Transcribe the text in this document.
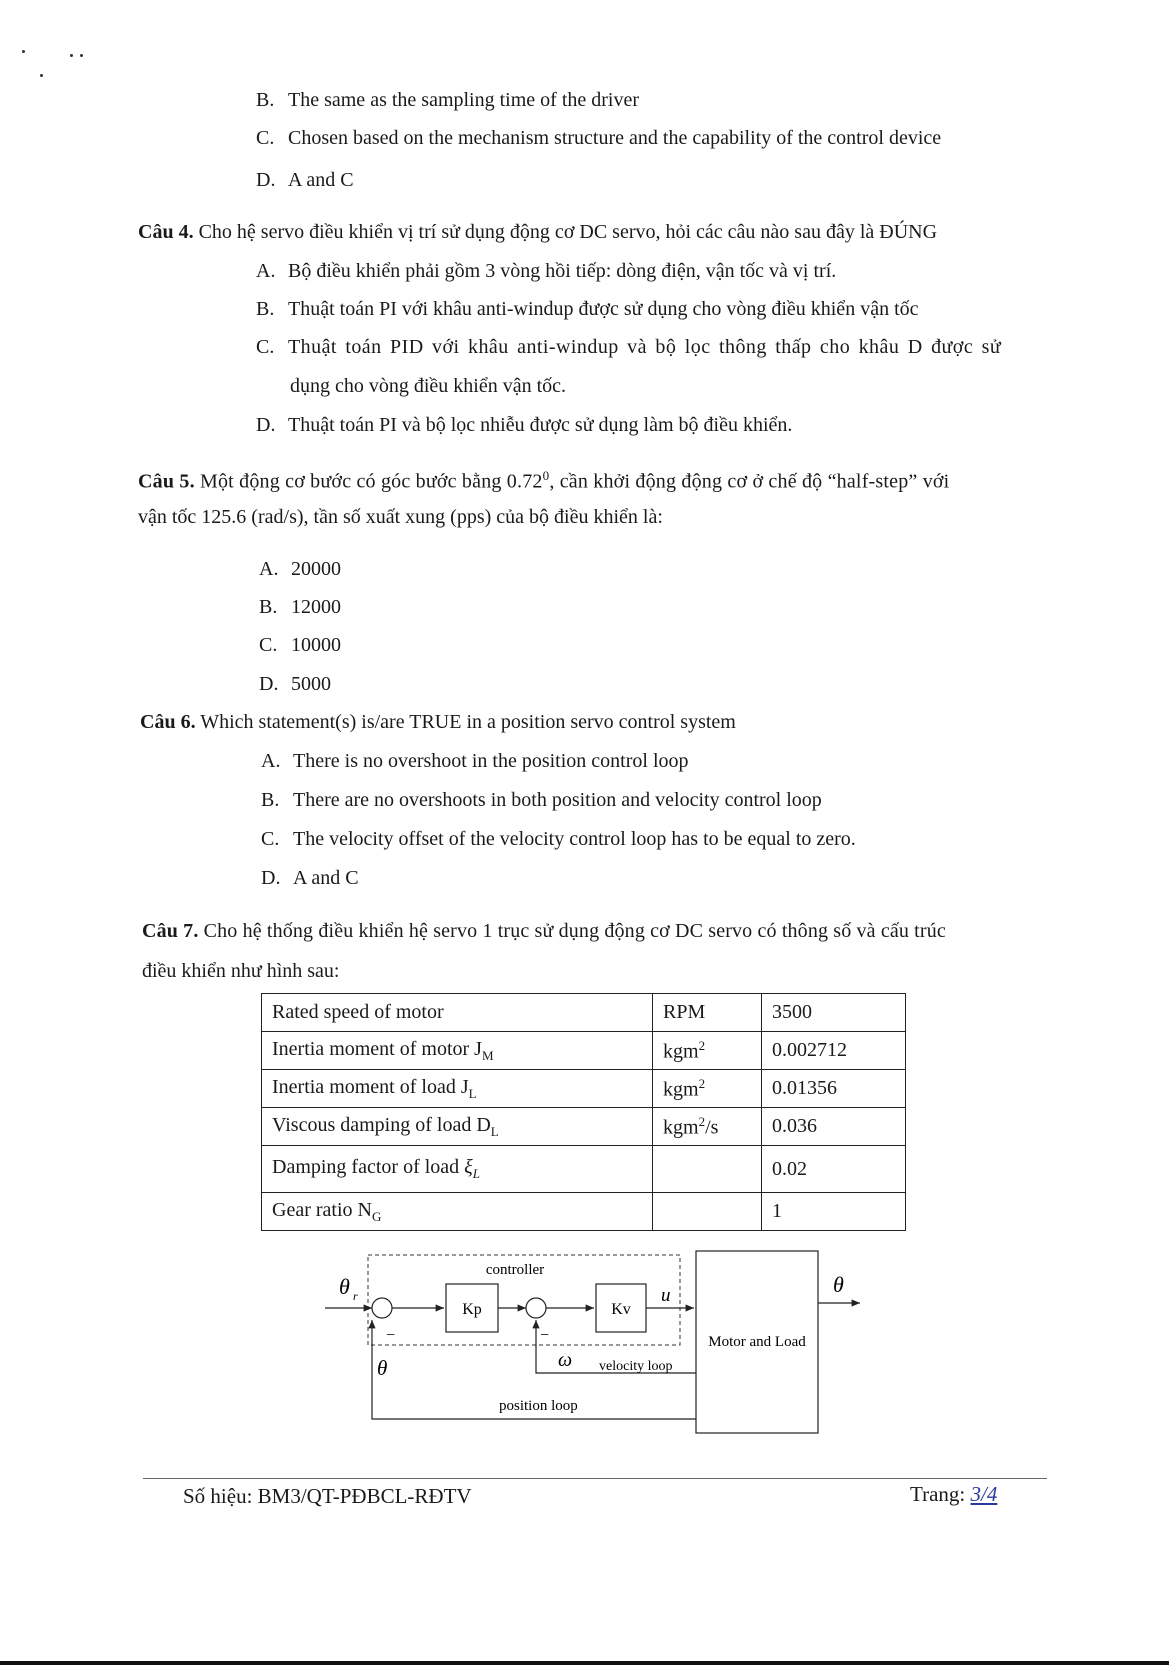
B. The same as the sampling time of the driver
C. Chosen based on the mechanism structure and the capability of the control device
D. A and C
Câu 4. Cho hệ servo điều khiển vị trí sử dụng động cơ DC servo, hỏi các câu nào sau đây là ĐÚNG
A. Bộ điều khiển phải gồm 3 vòng hồi tiếp: dòng điện, vận tốc và vị trí.
B. Thuật toán PI với khâu anti-windup được sử dụng cho vòng điều khiển vận tốc
C. Thuật toán PID với khâu anti-windup và bộ lọc thông thấp cho khâu D được sử
dụng cho vòng điều khiển vận tốc.
D. Thuật toán PI và bộ lọc nhiễu được sử dụng làm bộ điều khiển.
Câu 5. Một động cơ bước có góc bước bằng 0.72$^0$, cần khởi động động cơ ở chế độ “half-step” với
vận tốc 125.6 (rad/s), tần số xuất xung (pps) của bộ điều khiển là:
A. 20000
B. 12000
C. 10000
D. 5000
Câu 6. Which statement(s) is/are TRUE in a position servo control system
A. There is no overshoot in the position control loop
B. There are no overshoots in both position and velocity control loop
C. The velocity offset of the velocity control loop has to be equal to zero.
D. A and C
Câu 7. Cho hệ thống điều khiển hệ servo 1 trục sử dụng động cơ DC servo có thông số và cấu trúc
điều khiển như hình sau:
Rated speed of motor	RPM	3500
Inertia moment of motor $J_M$	kgm$^2$	0.002712
Inertia moment of load $J_L$	kgm$^2$	0.01356
Viscous damping of load $D_L$	kgm$^2$/s	0.036
Damping factor of load $\xi_L$		0.02
Gear ratio $N_G$		1
controller
θ r
−
Kp
−
Kv
u
Motor and Load
θ
ω velocity loop
θ
position loop
Số hiệu: BM3/QT-PĐBCL-RĐTV	Trang: 3/4
